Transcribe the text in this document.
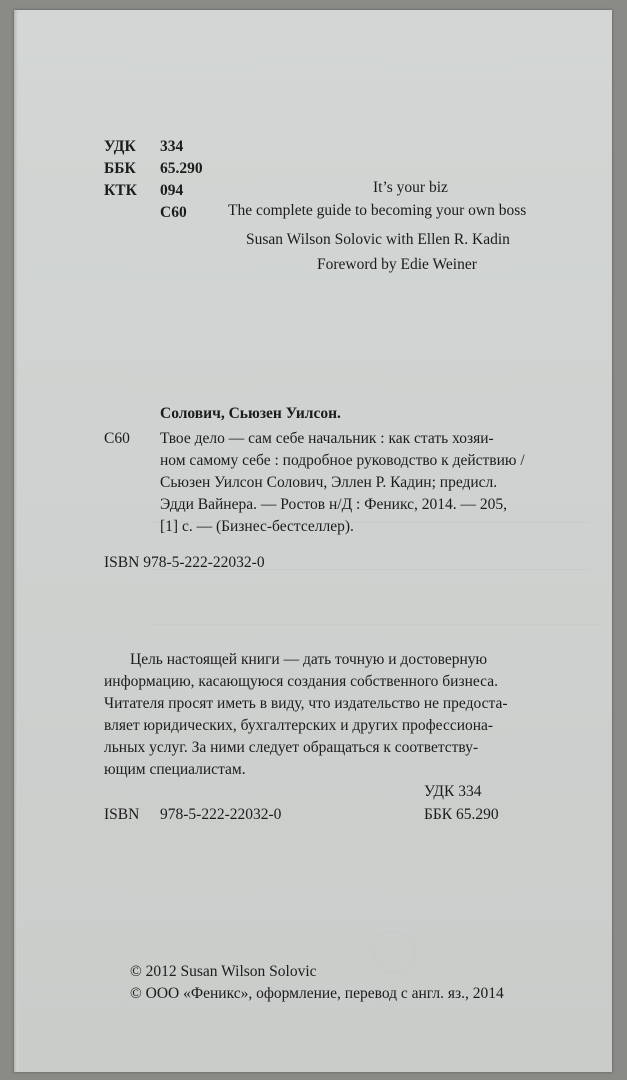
УДК 334
ББК 65.290
КТК 094
С60
It’s your biz
The complete guide to becoming your own boss
Susan Wilson Solovic with Ellen R. Kadin
Foreword by Edie Weiner
Солович, Сьюзен Уилсон.
С60 Твое дело — сам себе начальник : как стать хозяи-
ном самому себе : подробное руководство к действию /
Сьюзен Уилсон Солович, Эллен Р. Кадин; предисл.
Эдди Вайнера. — Ростов н/Д : Феникс, 2014. — 205,
[1] с. — (Бизнес-бестселлер).
ISBN 978-5-222-22032-0
Цель настоящей книги — дать точную и достоверную
информацию, касающуюся создания собственного бизнеса.
Читателя просят иметь в виду, что издательство не предоста-
вляет юридических, бухгалтерских и других профессиона-
льных услуг. За ними следует обращаться к соответству-
ющим специалистам.
УДК 334
ISBN 978-5-222-22032-0	ББК 65.290
© 2012 Susan Wilson Solovic
© ООО «Феникс», оформление, перевод с англ. яз., 2014
